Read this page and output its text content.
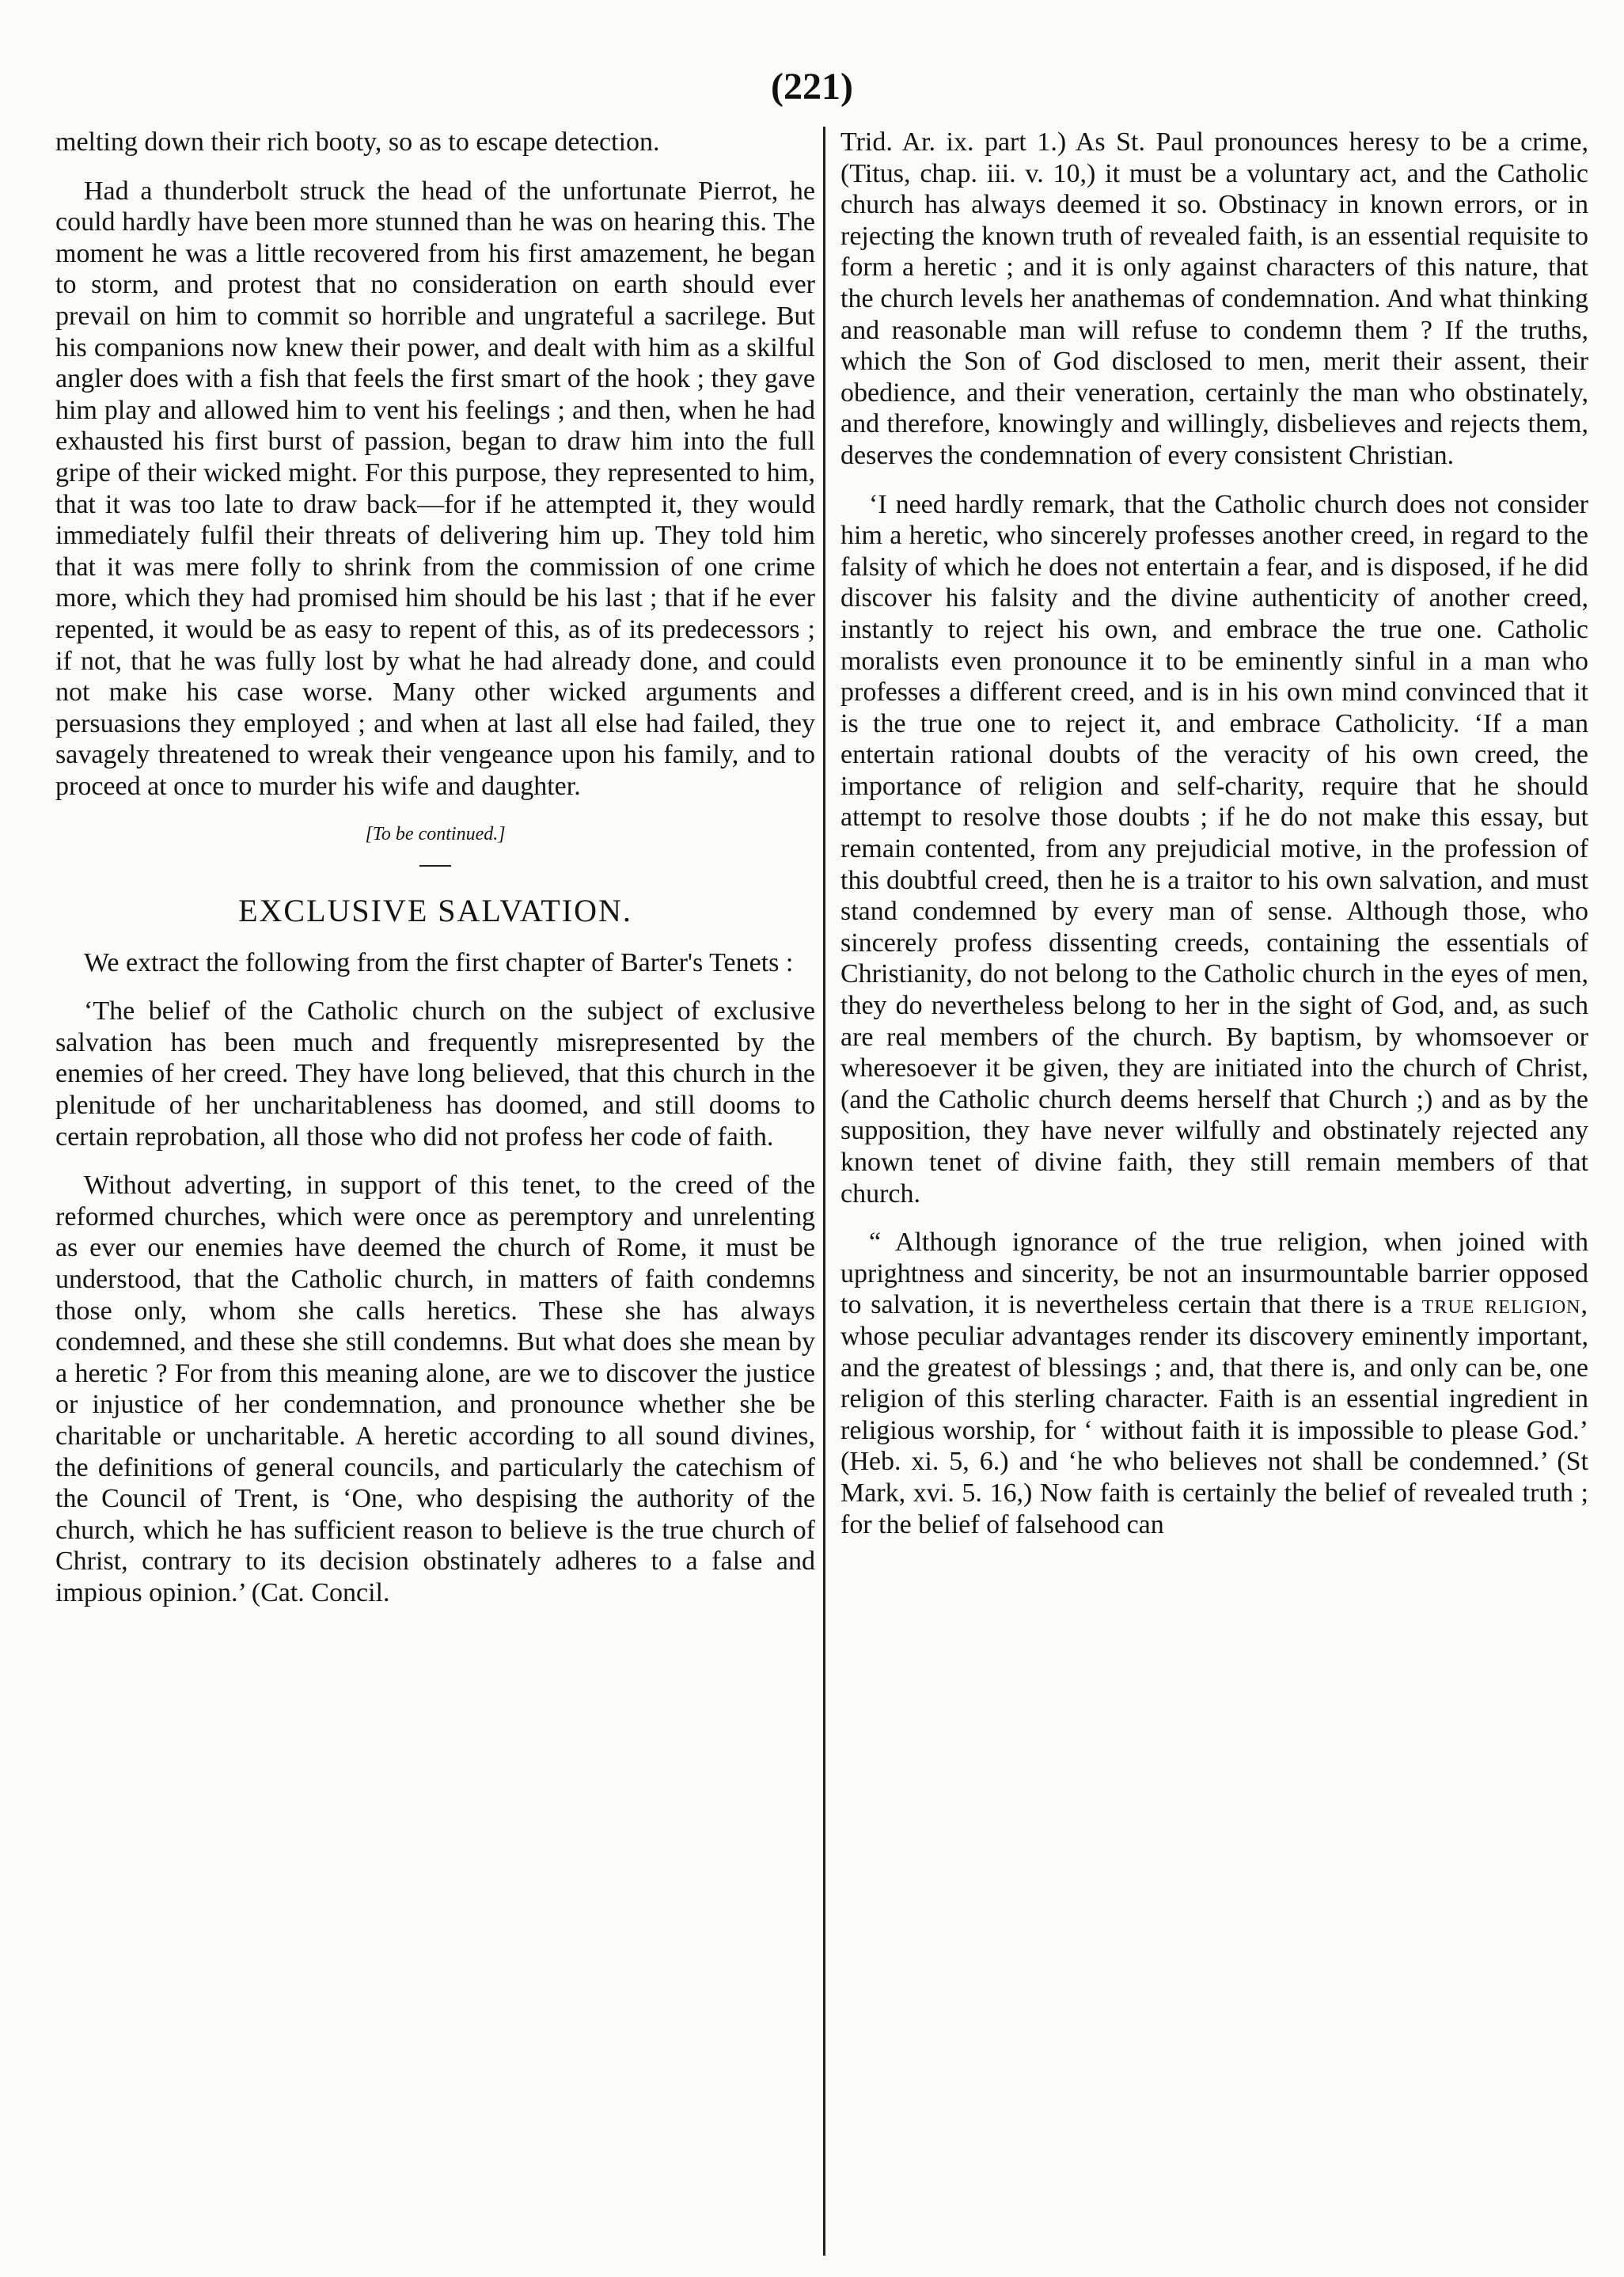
(221)

melting down their rich booty, so as to escape detection.

Had a thunderbolt struck the head of the unfortunate Pierrot, he could hardly have been more stunned than he was on hearing this. The moment he was a little recovered from his first amazement, he began to storm, and protest that no consideration on earth should ever prevail on him to commit so horrible and ungrateful a sacrilege. But his companions now knew their power, and dealt with him as a skilful angler does with a fish that feels the first smart of the hook ; they gave him play and allowed him to vent his feelings ; and then, when he had exhausted his first burst of passion, began to draw him into the full gripe of their wicked might. For this purpose, they represented to him, that it was too late to draw back—for if he attempted it, they would immediately fulfil their threats of delivering him up. They told him that it was mere folly to shrink from the commission of one crime more, which they had promised him should be his last ; that if he ever repented, it would be as easy to repent of this, as of its predecessors ; if not, that he was fully lost by what he had already done, and could not make his case worse. Many other wicked arguments and persuasions they employed ; and when at last all else had failed, they savagely threatened to wreak their vengeance upon his family, and to proceed at once to murder his wife and daughter.

[To be continued.]
EXCLUSIVE SALVATION.

We extract the following from the first chapter of Barter's Tenets :

‘The belief of the Catholic church on the subject of exclusive salvation has been much and frequently misrepresented by the enemies of her creed. They have long believed, that this church in the plenitude of her uncharitableness has doomed, and still dooms to certain reprobation, all those who did not profess her code of faith.

Without adverting, in support of this tenet, to the creed of the reformed churches, which were once as peremptory and unrelenting as ever our enemies have deemed the church of Rome, it must be understood, that the Catholic church, in matters of faith condemns those only, whom she calls heretics. These she has always condemned, and these she still condemns. But what does she mean by a heretic ? For from this meaning alone, are we to discover the justice or injustice of her condemnation, and pronounce whether she be charitable or uncharitable. A heretic according to all sound divines, the definitions of general councils, and particularly the catechism of the Council of Trent, is ‘One, who despising the authority of the church, which he has sufficient reason to believe is the true church of Christ, contrary to its decision obstinately adheres to a false and impious opinion.’ (Cat. Concil.

Trid. Ar. ix. part 1.) As St. Paul pronounces heresy to be a crime, (Titus, chap. iii. v. 10,) it must be a voluntary act, and the Catholic church has always deemed it so. Obstinacy in known errors, or in rejecting the known truth of revealed faith, is an essential requisite to form a heretic ; and it is only against characters of this nature, that the church levels her anathemas of condemnation. And what thinking and reasonable man will refuse to condemn them ? If the truths, which the Son of God disclosed to men, merit their assent, their obedience, and their veneration, certainly the man who obstinately, and therefore, knowingly and willingly, disbelieves and rejects them, deserves the condemnation of every consistent Christian.

‘I need hardly remark, that the Catholic church does not consider him a heretic, who sincerely professes another creed, in regard to the falsity of which he does not entertain a fear, and is disposed, if he did discover his falsity and the divine authenticity of another creed, instantly to reject his own, and embrace the true one. Catholic moralists even pronounce it to be eminently sinful in a man who professes a different creed, and is in his own mind convinced that it is the true one to reject it, and embrace Catholicity. ‘If a man entertain rational doubts of the veracity of his own creed, the importance of religion and self-charity, require that he should attempt to resolve those doubts ; if he do not make this essay, but remain contented, from any prejudicial motive, in the profession of this doubtful creed, then he is a traitor to his own salvation, and must stand condemned by every man of sense. Although those, who sincerely profess dissenting creeds, containing the essentials of Christianity, do not belong to the Catholic church in the eyes of men, they do nevertheless belong to her in the sight of God, and, as such are real members of the church. By baptism, by whomsoever or wheresoever it be given, they are initiated into the church of Christ, (and the Catholic church deems herself that Church ;) and as by the supposition, they have never wilfully and obstinately rejected any known tenet of divine faith, they still remain members of that church.

“ Although ignorance of the true religion, when joined with uprightness and sincerity, be not an insurmountable barrier opposed to salvation, it is nevertheless certain that there is a true religion, whose peculiar advantages render its discovery eminently important, and the greatest of blessings ; and, that there is, and only can be, one religion of this sterling character. Faith is an essential ingredient in religious worship, for ‘ without faith it is impossible to please God.’ (Heb. xi. 5, 6.) and ‘he who believes not shall be condemned.’ (St Mark, xvi. 5. 16,) Now faith is certainly the belief of revealed truth ; for the belief of falsehood can
